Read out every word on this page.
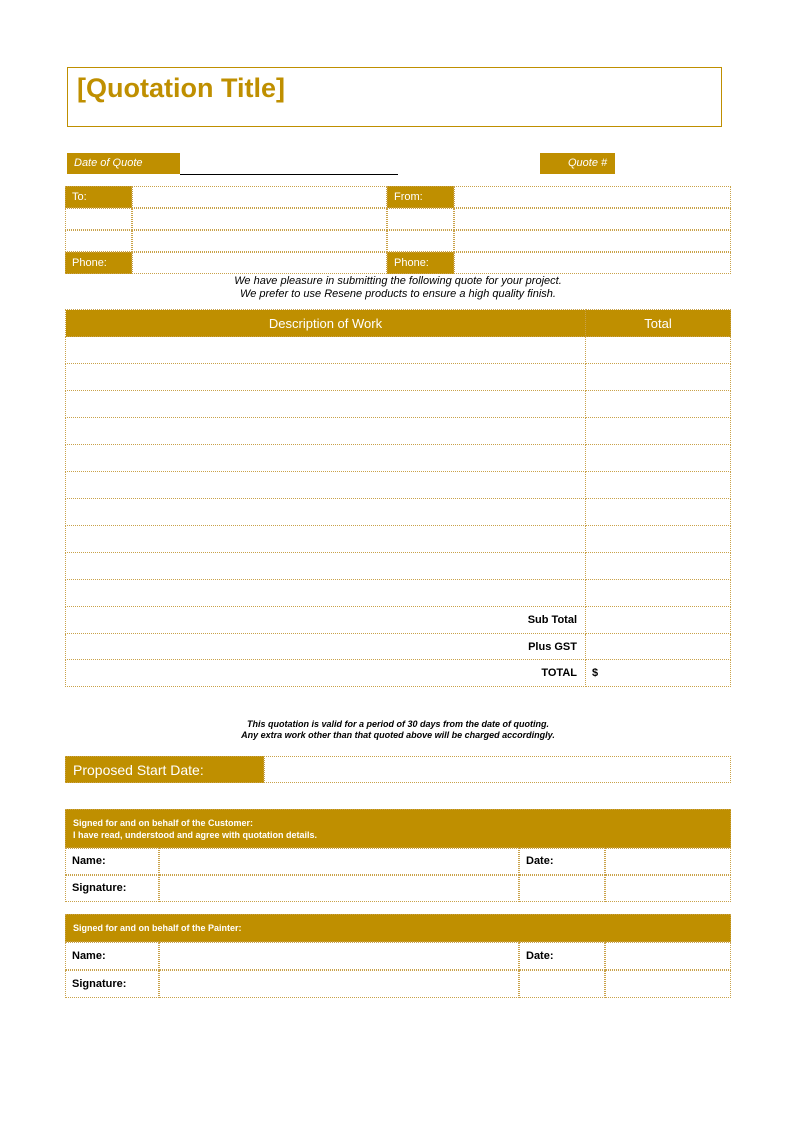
[Quotation Title]
Date of Quote	Quote #
To:	From:
Phone:	Phone:
We have pleasure in submitting the following quote for your project.
We prefer to use Resene products to ensure a high quality finish.
Description of Work	Total

Sub Total	
Plus GST	
TOTAL	$
This quotation is valid for a period of 30 days from the date of quoting.
Any extra work other than that quoted above will be charged accordingly.
Proposed Start Date:
Signed for and on behalf of the Customer:
I have read, understood and agree with quotation details.
Name:	Date:
Signature:
Signed for and on behalf of the Painter:
Name:	Date:
Signature:
